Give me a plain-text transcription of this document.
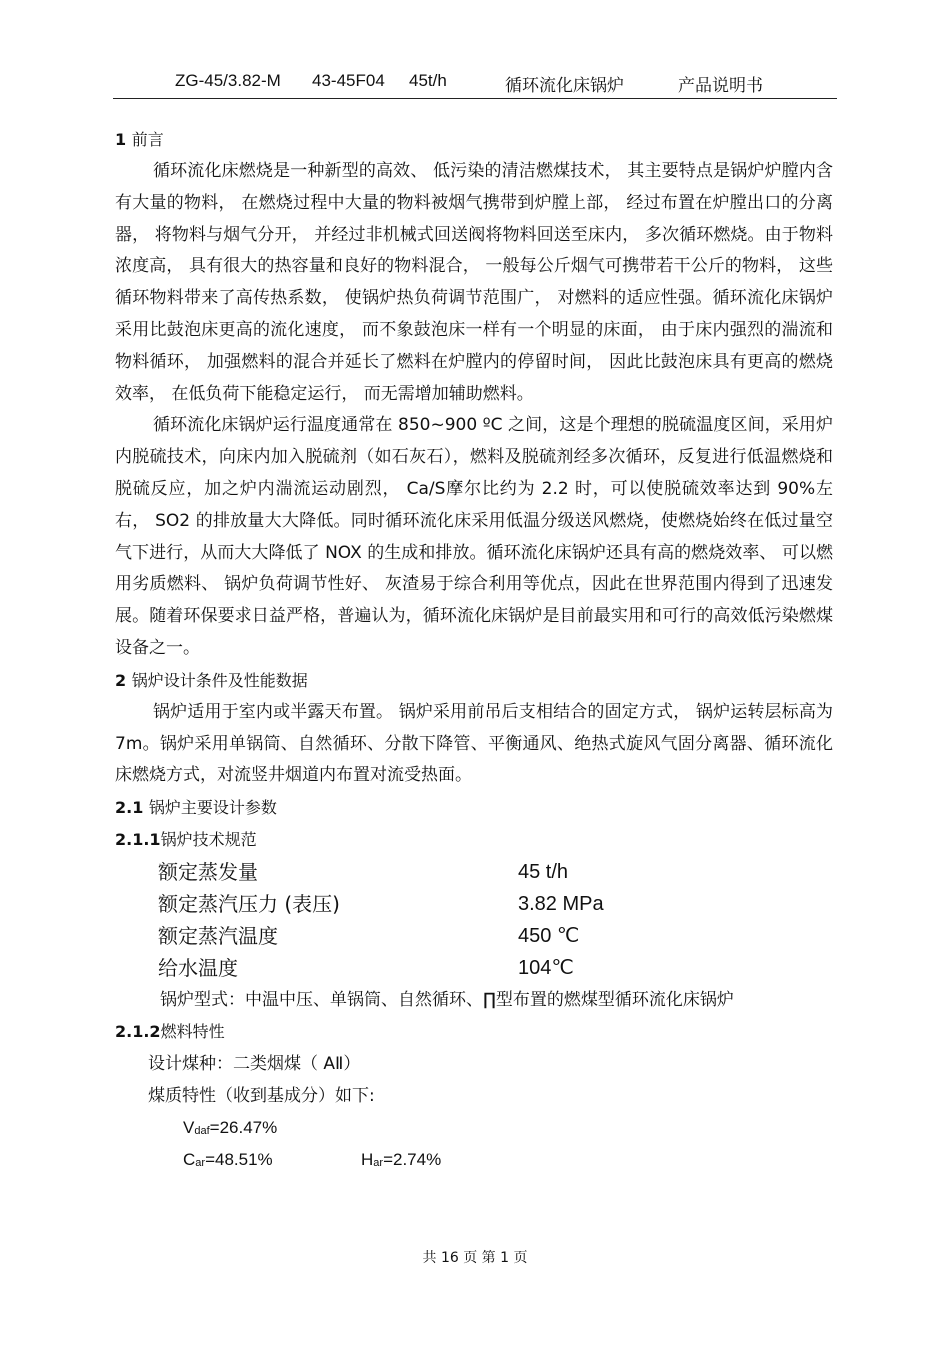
ZG-45/3.82-M 43-45F04 45t/h	循环流化床锅炉	产品说明书
1 前言
循环流化床燃烧是一种新型的高效、 低污染的清洁燃煤技术， 其主要特点是锅炉炉膛内含有大量的物料， 在燃烧过程中大量的物料被烟气携带到炉膛上部， 经过布置在炉膛出口的分离器， 将物料与烟气分开， 并经过非机械式回送阀将物料回送至床内， 多次循环燃烧。由于物料浓度高， 具有很大的热容量和良好的物料混合， 一般每公斤烟气可携带若干公斤的物料， 这些循环物料带来了高传热系数， 使锅炉热负荷调节范围广， 对燃料的适应性强。循环流化床锅炉采用比鼓泡床更高的流化速度， 而不象鼓泡床一样有一个明显的床面， 由于床内强烈的湍流和物料循环， 加强燃料的混合并延长了燃料在炉膛内的停留时间， 因此比鼓泡床具有更高的燃烧效率， 在低负荷下能稳定运行， 而无需增加辅助燃料。
循环流化床锅炉运行温度通常在 850~900 ºC 之间，这是个理想的脱硫温度区间，采用炉内脱硫技术，向床内加入脱硫剂（如石灰石），燃料及脱硫剂经多次循环，反复进行低温燃烧和脱硫反应，加之炉内湍流运动剧烈， Ca/S摩尔比约为 2.2 时，可以使脱硫效率达到 90%左右， SO2 的排放量大大降低。同时循环流化床采用低温分级送风燃烧，使燃烧始终在低过量空气下进行，从而大大降低了 NOX 的生成和排放。循环流化床锅炉还具有高的燃烧效率、 可以燃用劣质燃料、 锅炉负荷调节性好、 灰渣易于综合利用等优点，因此在世界范围内得到了迅速发展。随着环保要求日益严格，普遍认为，循环流化床锅炉是目前最实用和可行的高效低污染燃煤设备之一。
2 锅炉设计条件及性能数据
锅炉适用于室内或半露天布置。 锅炉采用前吊后支相结合的固定方式， 锅炉运转层标高为 7m。锅炉采用单锅筒、自然循环、分散下降管、平衡通风、绝热式旋风气固分离器、循环流化床燃烧方式，对流竖井烟道内布置对流受热面。
2.1 锅炉主要设计参数
2.1.1锅炉技术规范
额定蒸发量	45 t/h
额定蒸汽压力 (表压)	3.82 MPa
额定蒸汽温度	450 ℃
给水温度	104℃
锅炉型式：中温中压、单锅筒、自然循环、∏型布置的燃煤型循环流化床锅炉
2.1.2燃料特性
设计煤种：二类烟煤（ AⅡ）
煤质特性（收到基成分）如下:
$V_{daf}=26.47\%$
$C_{ar}=48.51\%$	$H_{ar}=2.74\%$
共 16 页 第 1 页
